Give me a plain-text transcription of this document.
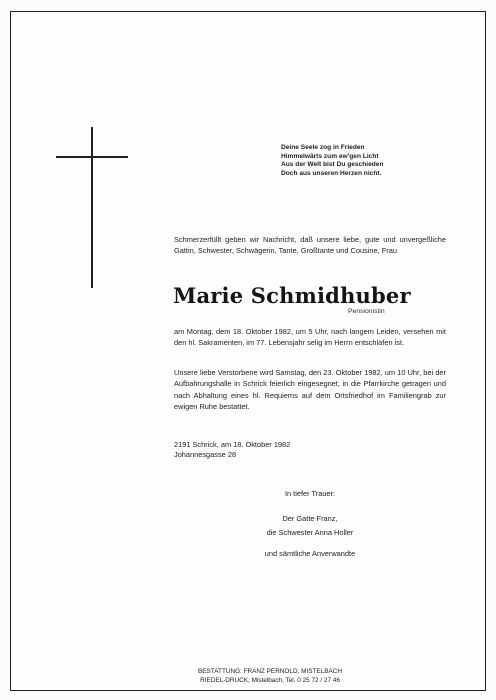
Deine Seele zog in Frieden
Himmelwärts zum ew'gen Licht
Aus der Welt bist Du geschieden
Doch aus unseren Herzen nicht.
Schmerzerfüllt geben wir Nachricht, daß unsere liebe, gute und unvergeßliche Gattin, Schwester, Schwägerin, Tante, Großtante und Cousine, Frau
Marie Schmidhuber
Pensionistin
am Montag, dem 18. Oktober 1982, um 5 Uhr, nach langem Leiden, versehen mit den hl. Sakramenten, im 77. Lebensjahr selig im Herrn entschlafen ist.
Unsere liebe Verstorbene wird Samstag, den 23. Oktober 1982, um 10 Uhr, bei der Aufbahrungshalle in Schrick feierlich eingesegnet, in die Pfarrkirche getragen und nach Abhaltung eines hl. Requiems auf dem Ortsfriedhof im Familiengrab zur ewigen Ruhe bestattet.
2191 Schrick, am 18. Oktober 1982
Johannesgasse 28
In tiefer Trauer:
Der Gatte Franz,
die Schwester Anna Holler
und sämtliche Anverwandte
BESTATTUNG: FRANZ PERNOLD, MISTELBACH
RIEDEL-DRUCK, Mistelbach, Tel. 0 25 72 / 27 46
